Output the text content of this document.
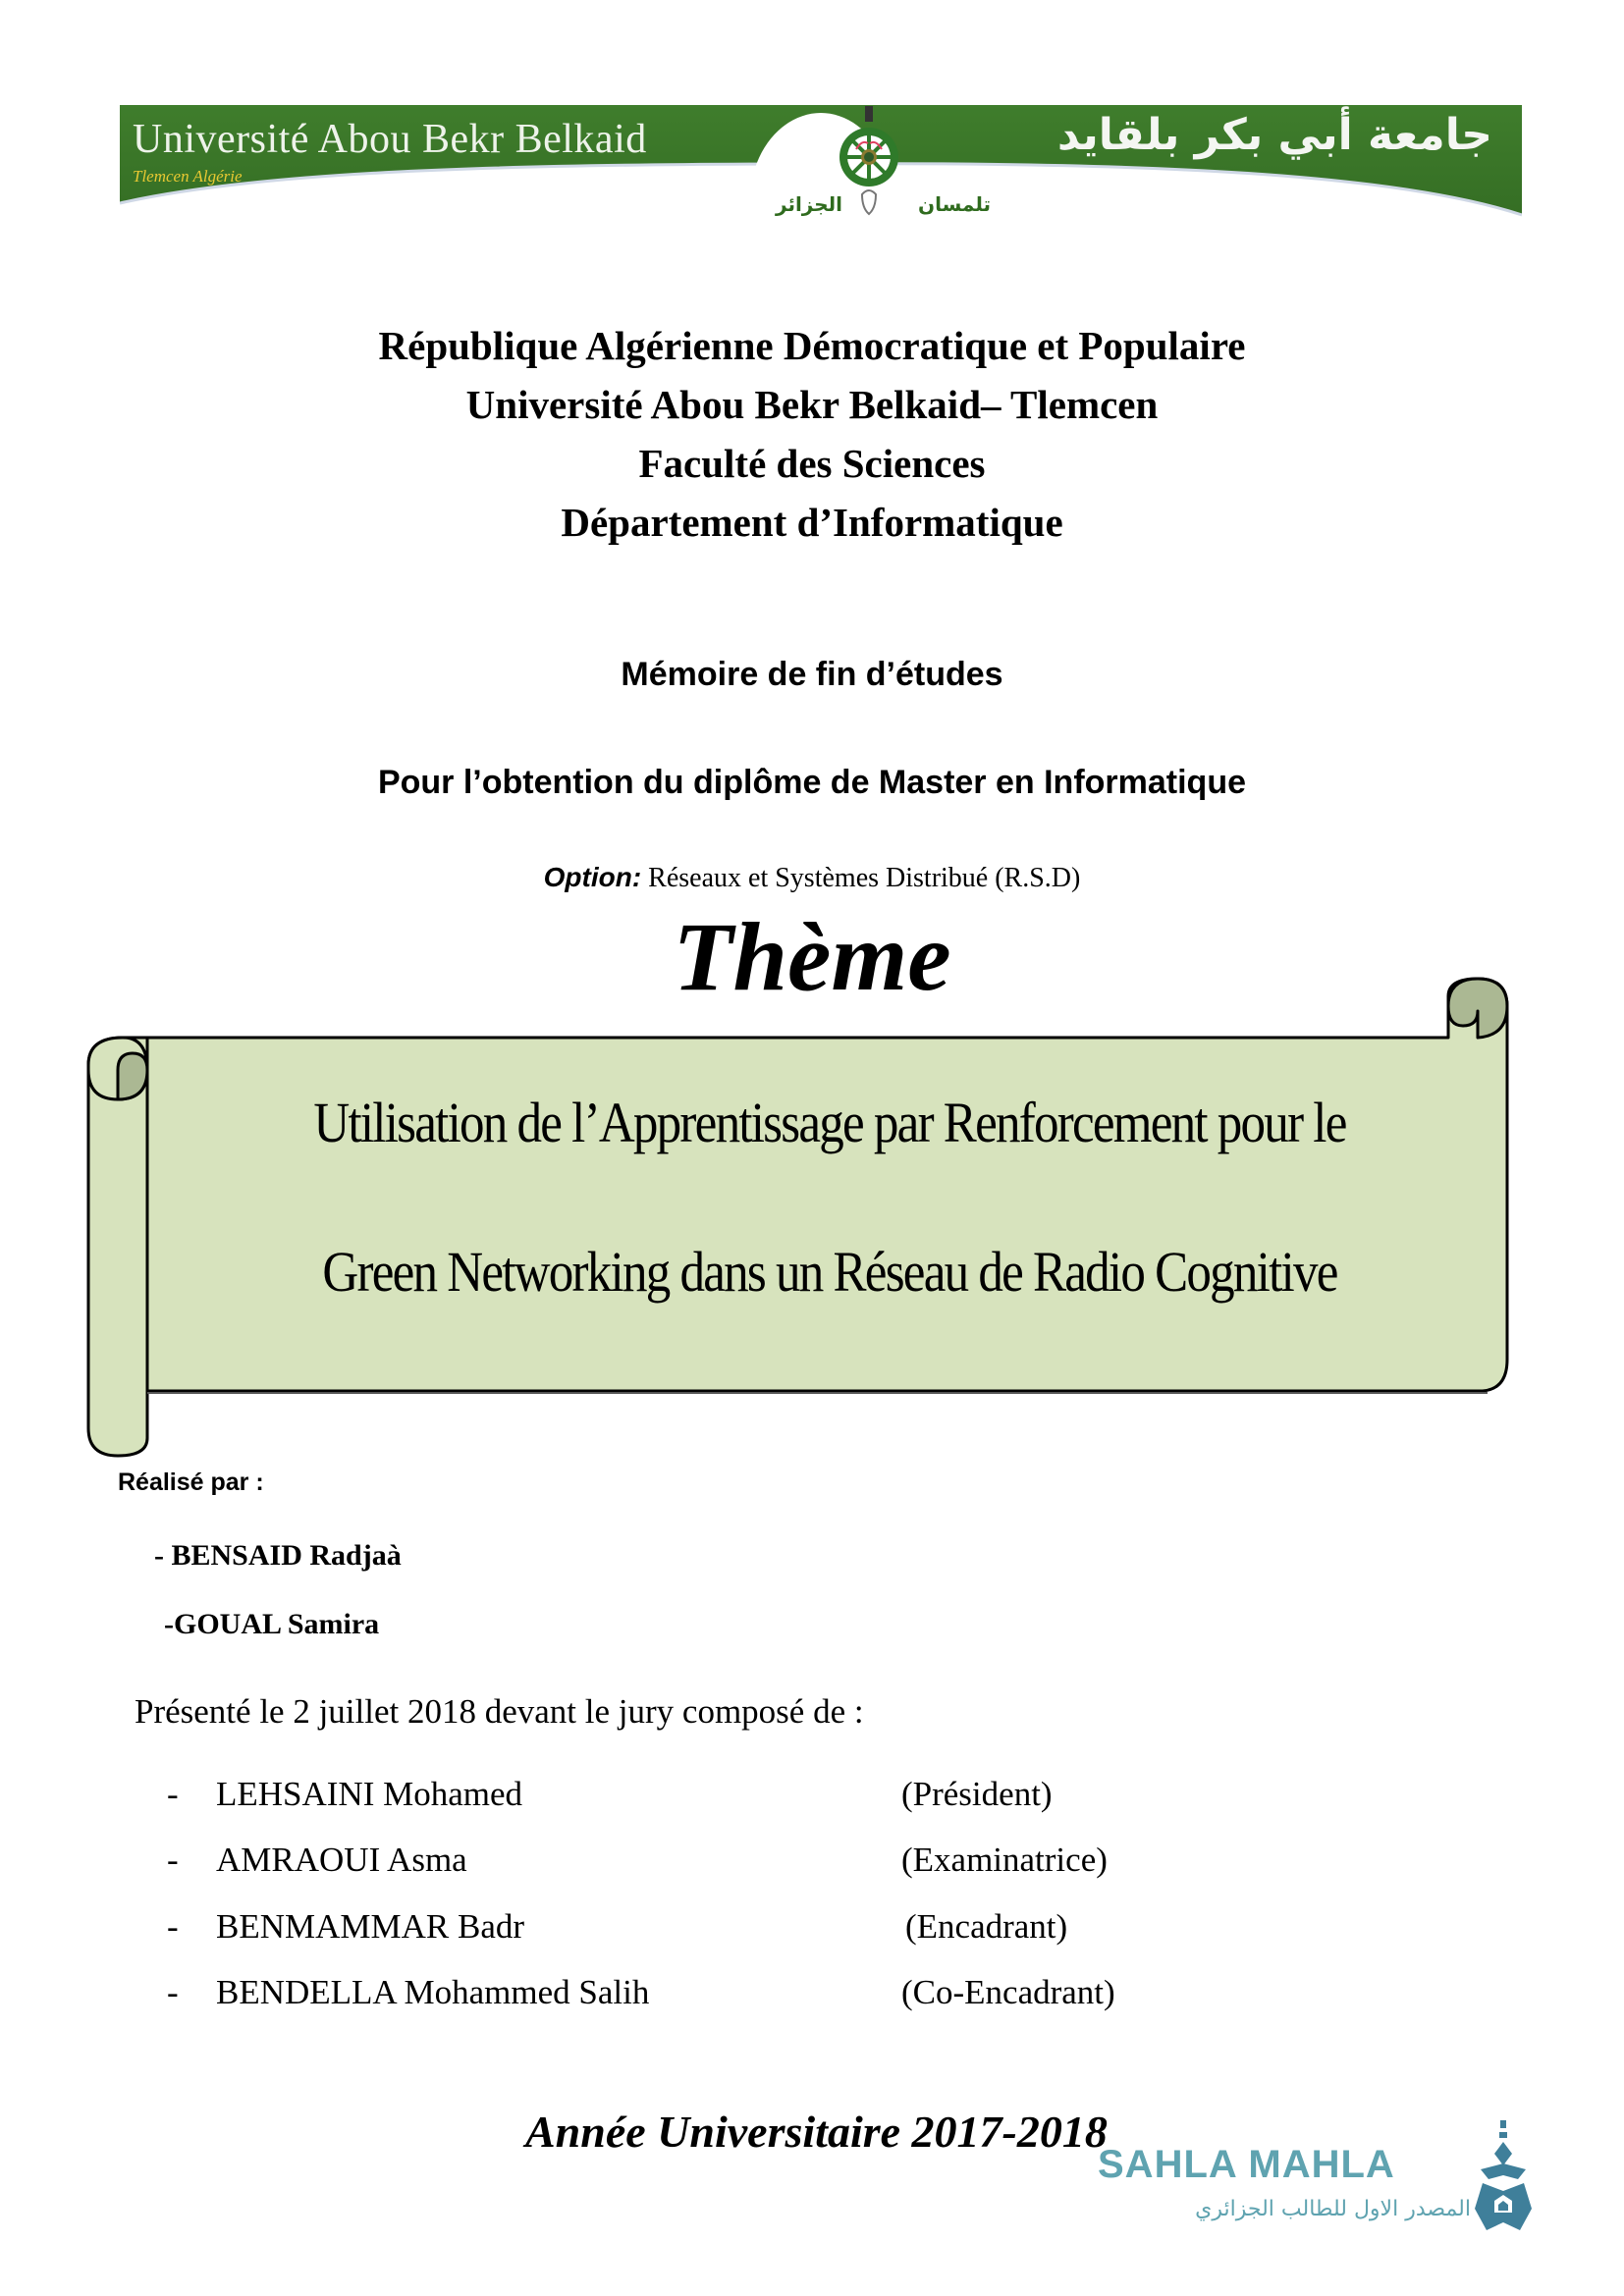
Université Abou Bekr Belkaid
Tlemcen Algérie
جامعة أبي بكر بلقايد
الجزائر	تلمسان
République Algérienne Démocratique et Populaire
Université Abou Bekr Belkaid– Tlemcen
Faculté des Sciences
Département d’Informatique
Mémoire de fin d’études
Pour l’obtention du diplôme de Master en Informatique
Option: Réseaux et Systèmes Distribué (R.S.D)
Thème
Utilisation de l’Apprentissage par Renforcement pour le
Green Networking dans un Réseau de Radio Cognitive
Réalisé par :
- BENSAID Radjaà
-GOUAL Samira
Présenté le 2 juillet 2018 devant le jury composé de :
- LEHSAINI Mohamed	(Président)
- AMRAOUI Asma	(Examinatrice)
- BENMAMMAR Badr	(Encadrant)
- BENDELLA Mohammed Salih	(Co-Encadrant)
Année Universitaire 2017-2018
SAHLA MAHLA
المصدر الاول للطالب الجزائري
